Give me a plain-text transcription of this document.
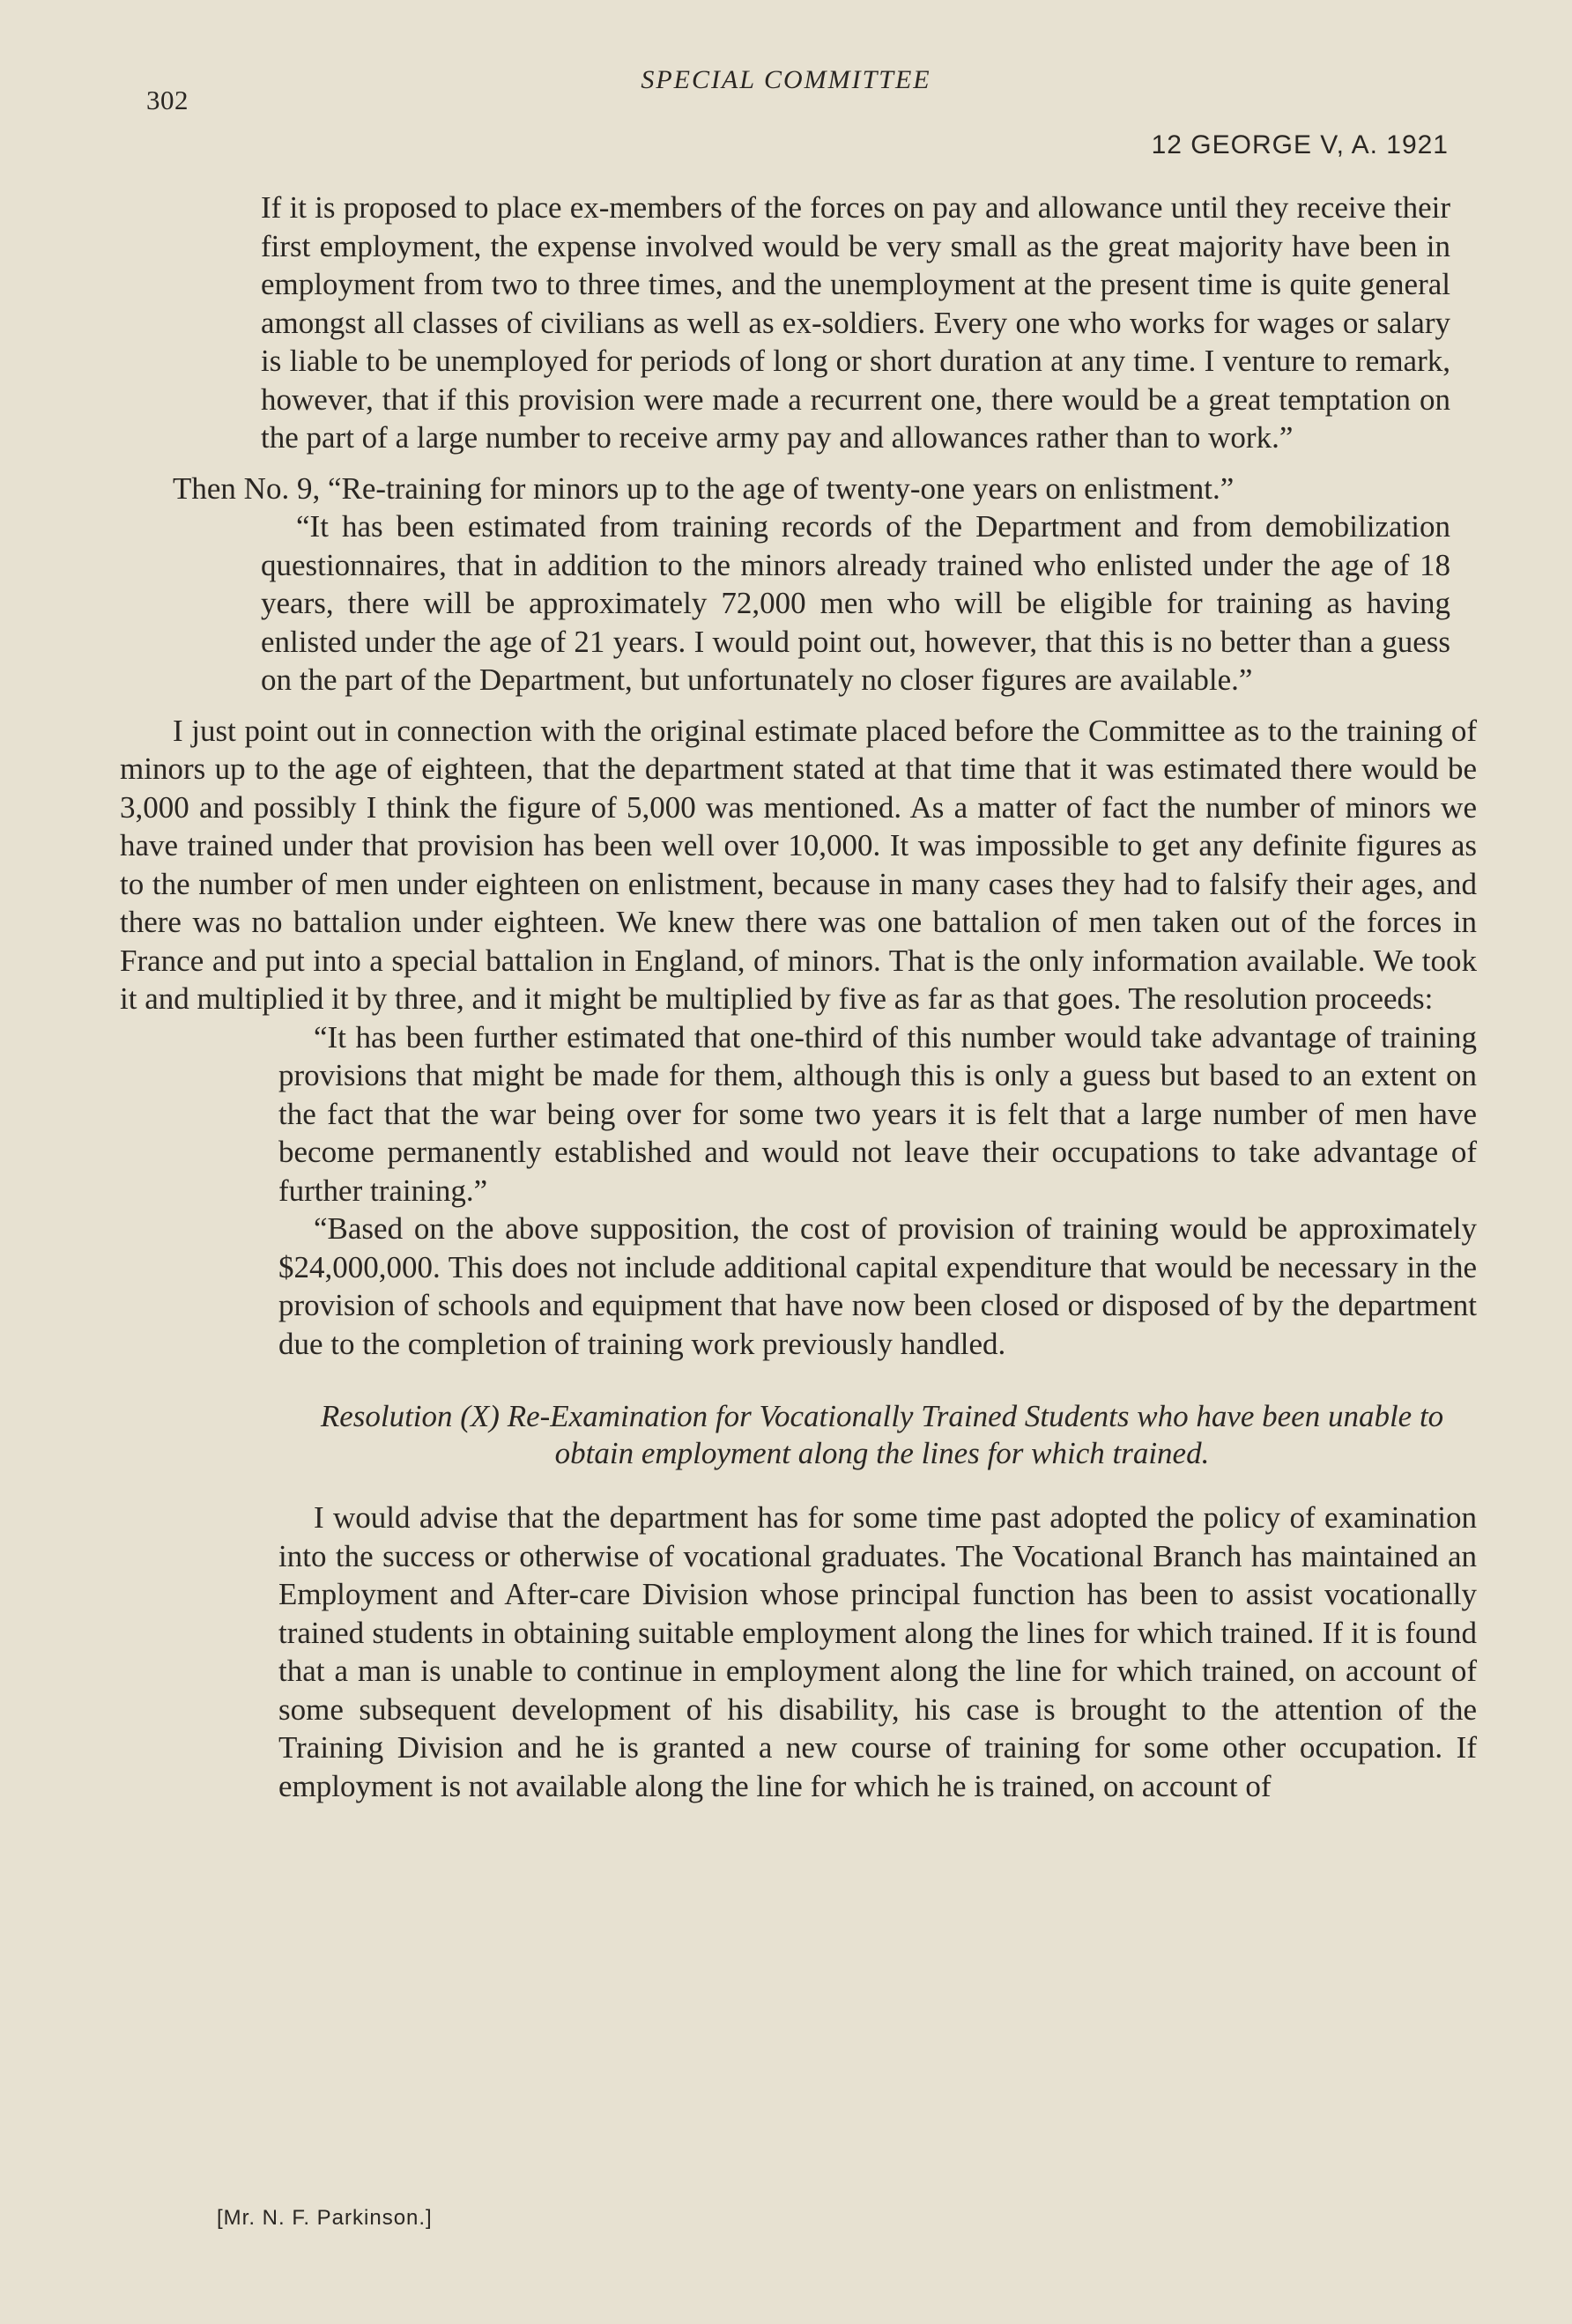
302
SPECIAL COMMITTEE
12 GEORGE V, A. 1921

If it is proposed to place ex-members of the forces on pay and allowance until they receive their first employment, the expense involved would be very small as the great majority have been in employment from two to three times, and the unemployment at the present time is quite general amongst all classes of civilians as well as ex-soldiers. Every one who works for wages or salary is liable to be unemployed for periods of long or short duration at any time. I venture to remark, however, that if this provision were made a recurrent one, there would be a great temptation on the part of a large number to receive army pay and allowances rather than to work.”

Then No. 9, “Re-training for minors up to the age of twenty-one years on enlistment.”

“It has been estimated from training records of the Department and from demobilization questionnaires, that in addition to the minors already trained who enlisted under the age of 18 years, there will be approximately 72,000 men who will be eligible for training as having enlisted under the age of 21 years. I would point out, however, that this is no better than a guess on the part of the Department, but unfortunately no closer figures are available.”

I just point out in connection with the original estimate placed before the Committee as to the training of minors up to the age of eighteen, that the department stated at that time that it was estimated there would be 3,000 and possibly I think the figure of 5,000 was mentioned. As a matter of fact the number of minors we have trained under that provision has been well over 10,000. It was impossible to get any definite figures as to the number of men under eighteen on enlistment, because in many cases they had to falsify their ages, and there was no battalion under eighteen. We knew there was one battalion of men taken out of the forces in France and put into a special battalion in England, of minors. That is the only information available. We took it and multiplied it by three, and it might be multiplied by five as far as that goes. The resolution proceeds:

“It has been further estimated that one-third of this number would take advantage of training provisions that might be made for them, although this is only a guess but based to an extent on the fact that the war being over for some two years it is felt that a large number of men have become permanently established and would not leave their occupations to take advantage of further training.”

“Based on the above supposition, the cost of provision of training would be approximately $24,000,000. This does not include additional capital expenditure that would be necessary in the provision of schools and equipment that have now been closed or disposed of by the department due to the completion of training work previously handled.

Resolution (X) Re-Examination for Vocationally Trained Students who have been unable to obtain employment along the lines for which trained.

I would advise that the department has for some time past adopted the policy of examination into the success or otherwise of vocational graduates. The Vocational Branch has maintained an Employment and After-care Division whose principal function has been to assist vocationally trained students in obtaining suitable employment along the lines for which trained. If it is found that a man is unable to continue in employment along the line for which trained, on account of some subsequent development of his disability, his case is brought to the attention of the Training Division and he is granted a new course of training for some other occupation. If employment is not available along the line for which he is trained, on account of

[Mr. N. F. Parkinson.]
